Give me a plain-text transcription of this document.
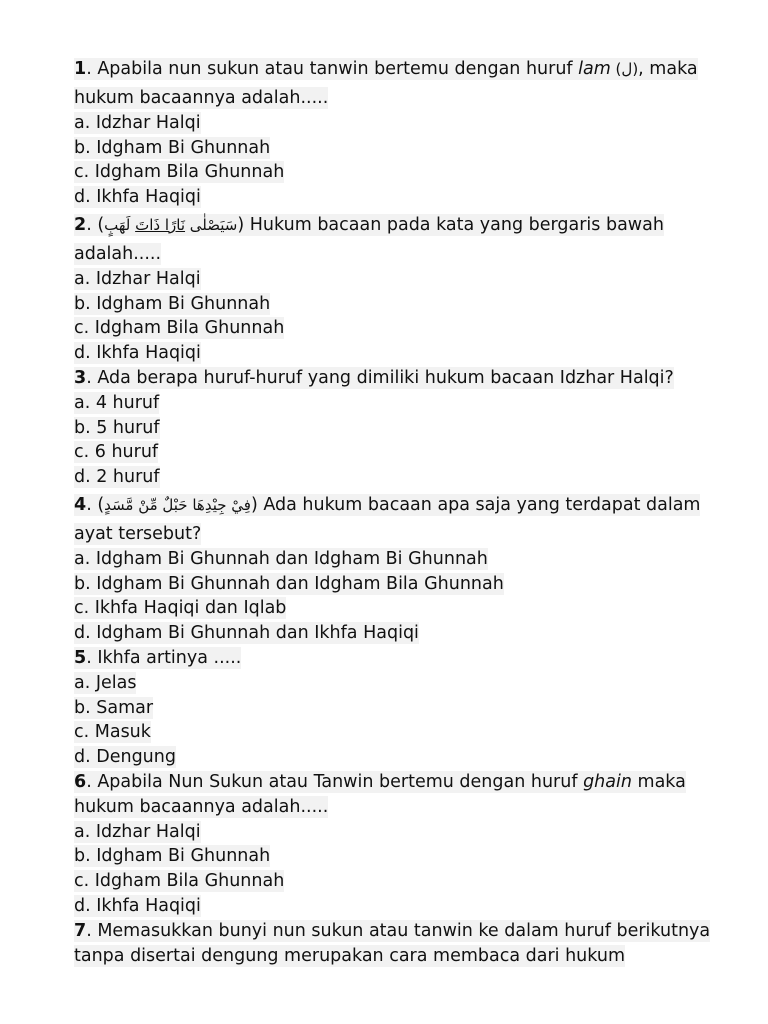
1. Apabila nun sukun atau tanwin bertemu dengan huruf lam (ل), maka
hukum bacaannya adalah.....
a. Idzhar Halqi
b. Idgham Bi Ghunnah
c. Idgham Bila Ghunnah
d. Ikhfa Haqiqi
2. (	سَيَصْلٰى نَارًا ذَاتَ لَهَبٍ	) Hukum bacaan pada kata yang bergaris bawah
adalah.....
a. Idzhar Halqi
b. Idgham Bi Ghunnah
c. Idgham Bila Ghunnah
d. Ikhfa Haqiqi
3. Ada berapa huruf-huruf yang dimiliki hukum bacaan Idzhar Halqi?
a. 4 huruf
b. 5 huruf
c. 6 huruf
d. 2 huruf
4. (فِيْ جِيْدِهَا حَبْلٌ مِّنْ مَّسَدٍ) Ada hukum bacaan apa saja yang terdapat dalam
ayat tersebut?
a. Idgham Bi Ghunnah dan Idgham Bi Ghunnah
b. Idgham Bi Ghunnah dan Idgham Bila Ghunnah
c. Ikhfa Haqiqi dan Iqlab
d. Idgham Bi Ghunnah dan Ikhfa Haqiqi
5. Ikhfa artinya .....
a. Jelas
b. Samar
c. Masuk
d. Dengung
6. Apabila Nun Sukun atau Tanwin bertemu dengan huruf ghain maka
hukum bacaannya adalah.....
a. Idzhar Halqi
b. Idgham Bi Ghunnah
c. Idgham Bila Ghunnah
d. Ikhfa Haqiqi
7. Memasukkan bunyi nun sukun atau tanwin ke dalam huruf berikutnya
tanpa disertai dengung merupakan cara membaca dari hukum
